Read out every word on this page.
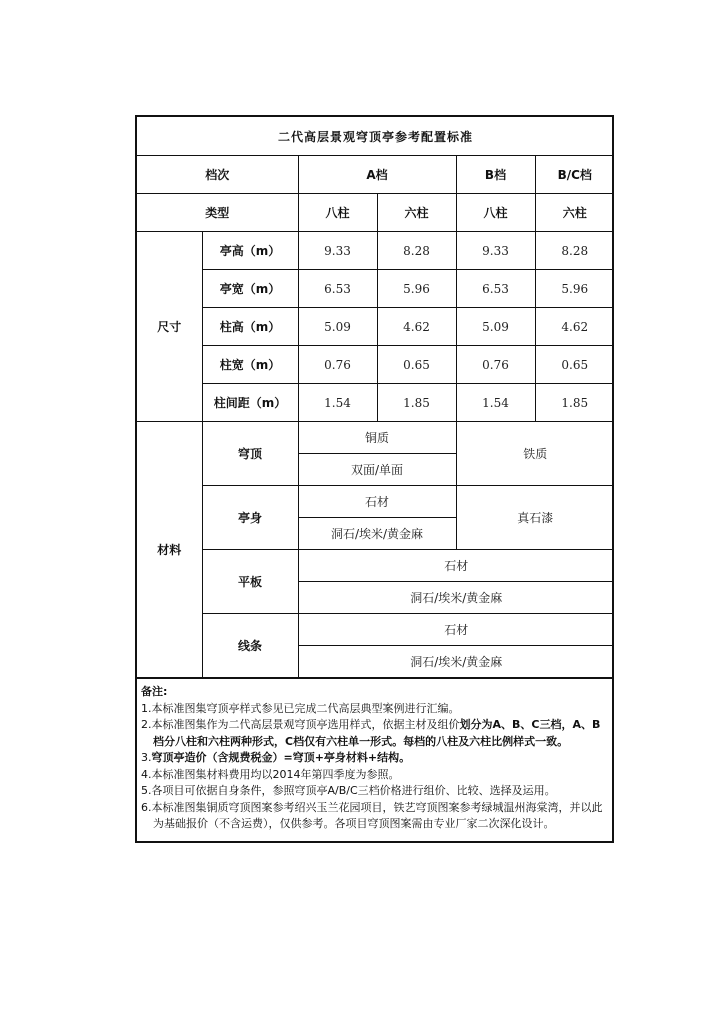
二代高层景观穹顶亭参考配置标准					
档次		A档		B档	B/C档
类型		八柱	六柱	八柱	六柱
尺寸	亭高（m）	9.33	8.28	9.33	8.28
	亭宽（m）	6.53	5.96	6.53	5.96
	柱高（m）	5.09	4.62	5.09	4.62
	柱宽（m）	0.76	0.65	0.76	0.65
	柱间距（m）	1.54	1.85	1.54	1.85
材料	穹顶	铜质		铁质	
		双面/单面			
	亭身	石材		真石漆	
		洞石/埃米/黄金麻			
	平板	石材			
		洞石/埃米/黄金麻			
	线条	石材			
		洞石/埃米/黄金麻			
备注:
1.本标准图集穹顶亭样式参见已完成二代高层典型案例进行汇编。
2.本标准图集作为二代高层景观穹顶亭选用样式，依据主材及组价划分为A、B、C三档，A、B档分八柱和六柱两种形式，C档仅有六柱单一形式。每档的八柱及六柱比例样式一致。
3.穹顶亭造价（含规费税金）=穹顶+亭身材料+结构。
4.本标准图集材料费用均以2014年第四季度为参照。
5.各项目可依据自身条件，参照穹顶亭A/B/C三档价格进行组价、比较、选择及运用。
6.本标准图集铜质穹顶图案参考绍兴玉兰花园项目，铁艺穹顶图案参考绿城温州海棠湾，并以此为基础报价（不含运费），仅供参考。各项目穹顶图案需由专业厂家二次深化设计。
